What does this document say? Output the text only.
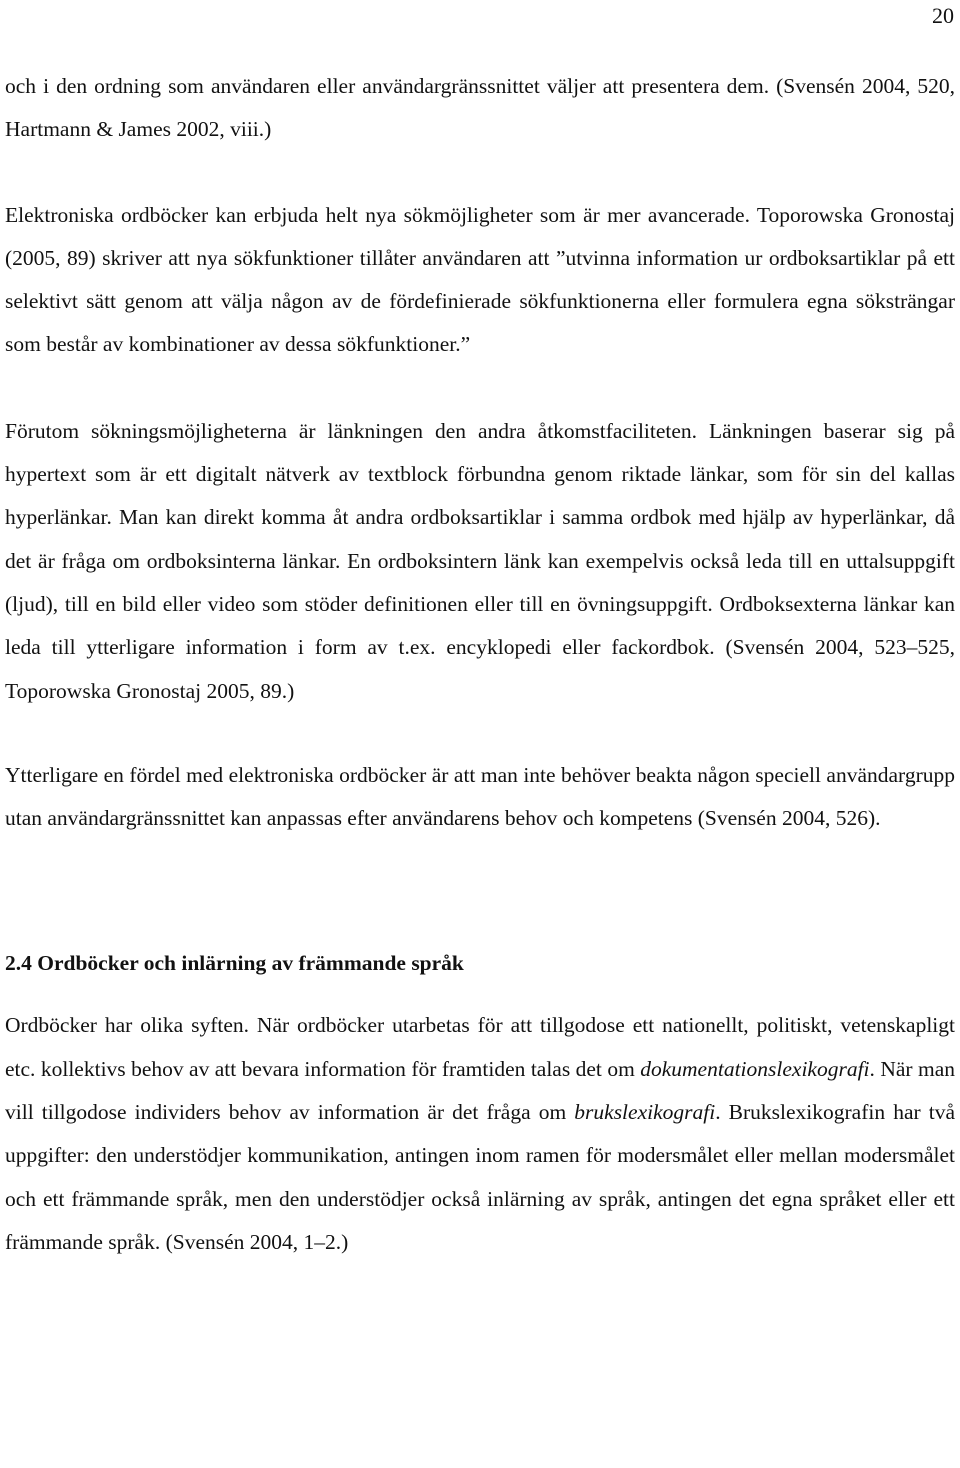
20

och i den ordning som användaren eller användargränssnittet väljer att presentera dem. (Svensén 2004, 520, Hartmann & James 2002, viii.)

Elektroniska ordböcker kan erbjuda helt nya sökmöjligheter som är mer avancerade. Toporowska Gronostaj (2005, 89) skriver att nya sökfunktioner tillåter användaren att ”utvinna information ur ordboksartiklar på ett selektivt sätt genom att välja någon av de fördefinierade sökfunktionerna eller formulera egna söksträngar som består av kombinationer av dessa sökfunktioner.”

Förutom sökningsmöjligheterna är länkningen den andra åtkomstfaciliteten. Länkningen baserar sig på hypertext som är ett digitalt nätverk av textblock förbundna genom riktade länkar, som för sin del kallas hyperlänkar. Man kan direkt komma åt andra ordboksartiklar i samma ordbok med hjälp av hyperlänkar, då det är fråga om ordboksinterna länkar. En ordboksintern länk kan exempelvis också leda till en uttalsuppgift (ljud), till en bild eller video som stöder definitionen eller till en övningsuppgift. Ordboksexterna länkar kan leda till ytterligare information i form av t.ex. encyklopedi eller fackordbok. (Svensén 2004, 523–525, Toporowska Gronostaj 2005, 89.)

Ytterligare en fördel med elektroniska ordböcker är att man inte behöver beakta någon speciell användargrupp utan användargränssnittet kan anpassas efter användarens behov och kompetens (Svensén 2004, 526).

2.4 Ordböcker och inlärning av främmande språk

Ordböcker har olika syften. När ordböcker utarbetas för att tillgodose ett nationellt, politiskt, vetenskapligt etc. kollektivs behov av att bevara information för framtiden talas det om dokumentationslexikografi. När man vill tillgodose individers behov av information är det fråga om brukslexikografi. Brukslexikografin har två uppgifter: den understödjer kommunikation, antingen inom ramen för modersmålet eller mellan modersmålet och ett främmande språk, men den understödjer också inlärning av språk, antingen det egna språket eller ett främmande språk. (Svensén 2004, 1–2.)
